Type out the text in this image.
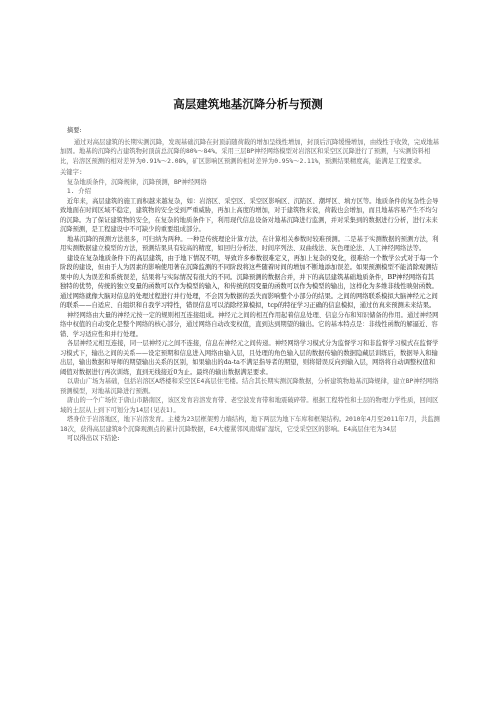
高层建筑地基沉降分析与预测

摘要:

通过对高层建筑的长期实测沉降，发现基础沉降在封顶前随荷载的增加呈线性增加，封顶后沉降缓慢增加，由线性于收敛，完成地基加固。地基的沉降约占建筑物封顶前总沉降的80%～84%。采用三层BP神经网络模型对岩溶区和采空区沉降进行了预测，与实测资料相比，岩溶区预测的相对差异为0.91%～2.08%，矿区影响区预测的相对差异为0.95%～2.11%，预测结果精度高，能满足工程要求。

关键字:

复杂地质条件，沉降规律，沉降预测，BP神经网络

1. 介绍

近年来，高层建筑的施工面积越来越复杂，如：岩溶区、采空区、采空区影响区、沉陷区、潮坪区、填方区等。地质条件的复杂性会导致地面在时间区域不稳定，建筑物的安全受到严重威胁，再加上高度的增加，对于建筑物来说，荷载也会增加，而且地基容易产生不均匀的沉降。为了保证建筑物的安全，在复杂的地质条件下，利用现代信息设备对地基沉降进行监测，并对采集到的数据进行分析，进行未来沉降预测，是工程建设中不可缺少的重要组成部分。

地基沉降的预测方法很多，可归纳为两种。一种是传统理论计算方法，在计算相关参数时较难预测。二是基于实测数据的预测方法，利用实测数据建立模型的方法，预测结果具有较高的精度，如回归分析法、时间序列法、双曲线法、灰色理论法、人工神经网络法等。

建设在复杂地质条件下的高层建筑，由于地下情况不明，导致许多参数很难定义，再加上复杂的变化，很难给一个数学公式对于每一个阶段的建设，但由于人为因素的影响使用著在沉降监测的不同阶段将这些随着时间的增加不断地添加误差。如果预测模型不能消除观测结果中的人为误差和系统误差，结果将与实际情况有很大的不同。沉降预测的数据合并，并下的高层建筑基础地质条件，BP神经网络有其独特的优势，传统的独立变量的函数可以作为模型的输入，和传统的因变量的函数可以作为模型的输出，这样化为多维非线性映射函数。通过网络就像大脑对信息的处理过程进行并行处理，不会因为数据的丢失而影响整个小部分的结果。之间的网络联系模拟大脑神经元之间的联系——自适应、自组织和自我学习特性，错误信息可以消除经算模拟，tcp的特征学习正确的信息模拟，通过仿真来预测未来结果。

神经网络由大量的神经元按一定的规则相互连接组成。神经元之间的相互作用起着信息处理、信息分布和知识储备的作用。通过神经网络中权值的自动变化是整个网络的核心部分，通过网络自动改变权值，直到达到期望的输出。它的基本特点是：非线性函数的解逼近、容错、学习适应性和并行处理。

各层神经元相互连接，同一层神经元之间不连接，信息在神经元之间传递。神经网络学习模式分为监督学习和非监督学习模式在监督学习模式下，输出之间的关系——设定预期和信息进入网络由输入层，且处理的角色输入层的数据传输的数据隐藏层训练后，数据导入和输出层，输出数据和导师的期望输出关系的区别，如果输出的da-ta不满足指导者的期望，则将错误反向到输入层，网络将自动调整权值和阈值对数据进行再次训练，直到无线接近0为止。最终的输出数据满足要求。

以唐山广场为基础，包括岩溶区A塔楼和采空区E4高层住宅楼。结合其长期实测沉降数据，分析建筑物地基沉降规律，建立BP神经网络预测模型，对地基沉降进行预测。

唐山的一个广场位于唐山市路南区，该区发育岩溶发育带、老空波发育带和地震破碎带。根据工程特性和土层的物理力学性质，回间区域的土层从上到下可划分为14层(见表1)。

塔身位于岩溶地区，地下岩溶发育。主楼为23层框架剪力墙结构，地下两层为地下车库和框架结构。2010年4月至2011年7月，共监测18次，获得高层建筑8个沉降观测点的累计沉降数据，E4大楼紧邻风南煤矿湿坑，它受采空区的影响。E4高层住宅为34层

可以得出以下结论:
